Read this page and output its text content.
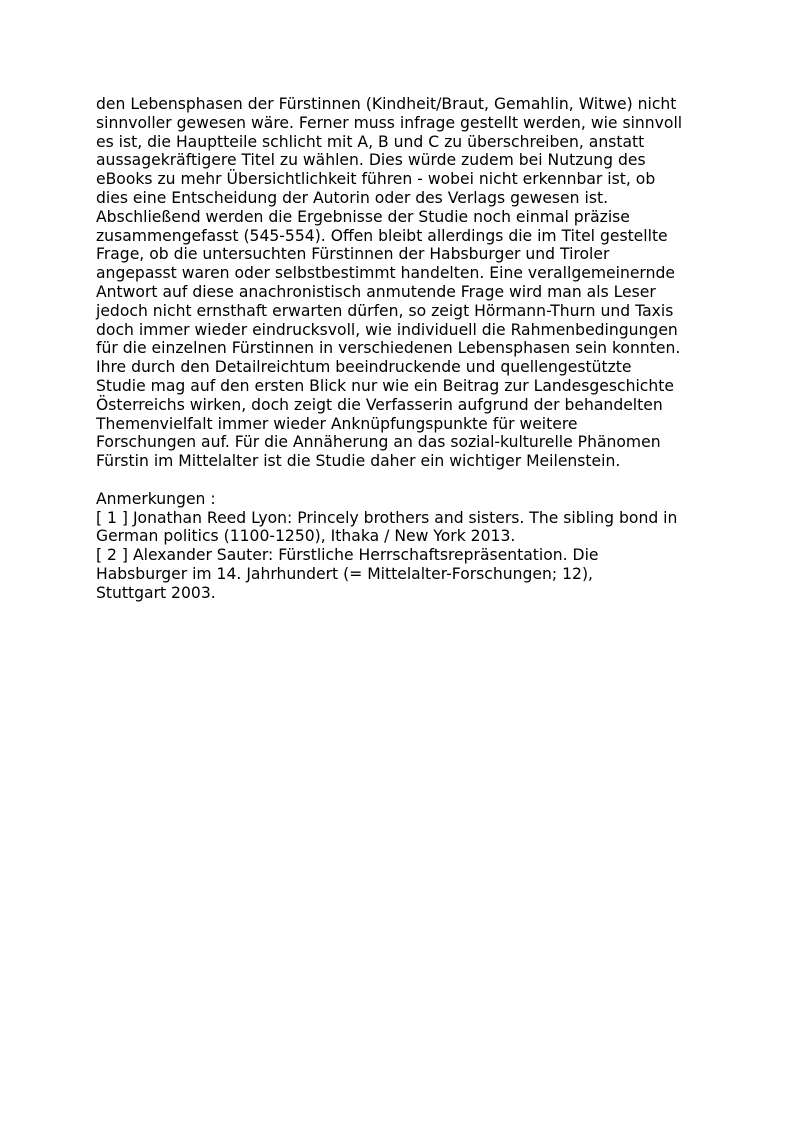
den Lebensphasen der Fürstinnen (Kindheit/Braut, Gemahlin, Witwe) nicht
sinnvoller gewesen wäre. Ferner muss infrage gestellt werden, wie sinnvoll
es ist, die Hauptteile schlicht mit A, B und C zu überschreiben, anstatt
aussagekräftigere Titel zu wählen. Dies würde zudem bei Nutzung des
eBooks zu mehr Übersichtlichkeit führen - wobei nicht erkennbar ist, ob
dies eine Entscheidung der Autorin oder des Verlags gewesen ist.
Abschließend werden die Ergebnisse der Studie noch einmal präzise
zusammengefasst (545-554). Offen bleibt allerdings die im Titel gestellte
Frage, ob die untersuchten Fürstinnen der Habsburger und Tiroler
angepasst waren oder selbstbestimmt handelten. Eine verallgemeinernde
Antwort auf diese anachronistisch anmutende Frage wird man als Leser
jedoch nicht ernsthaft erwarten dürfen, so zeigt Hörmann-Thurn und Taxis
doch immer wieder eindrucksvoll, wie individuell die Rahmenbedingungen
für die einzelnen Fürstinnen in verschiedenen Lebensphasen sein konnten.
Ihre durch den Detailreichtum beeindruckende und quellengestützte
Studie mag auf den ersten Blick nur wie ein Beitrag zur Landesgeschichte
Österreichs wirken, doch zeigt die Verfasserin aufgrund der behandelten
Themenvielfalt immer wieder Anknüpfungspunkte für weitere
Forschungen auf. Für die Annäherung an das sozial-kulturelle Phänomen
Fürstin im Mittelalter ist die Studie daher ein wichtiger Meilenstein.
Anmerkungen :
[ 1 ] Jonathan Reed Lyon: Princely brothers and sisters. The sibling bond in
German politics (1100-1250), Ithaka / New York 2013.
[ 2 ] Alexander Sauter: Fürstliche Herrschaftsrepräsentation. Die
Habsburger im 14. Jahrhundert (= Mittelalter-Forschungen; 12),
Stuttgart 2003.
